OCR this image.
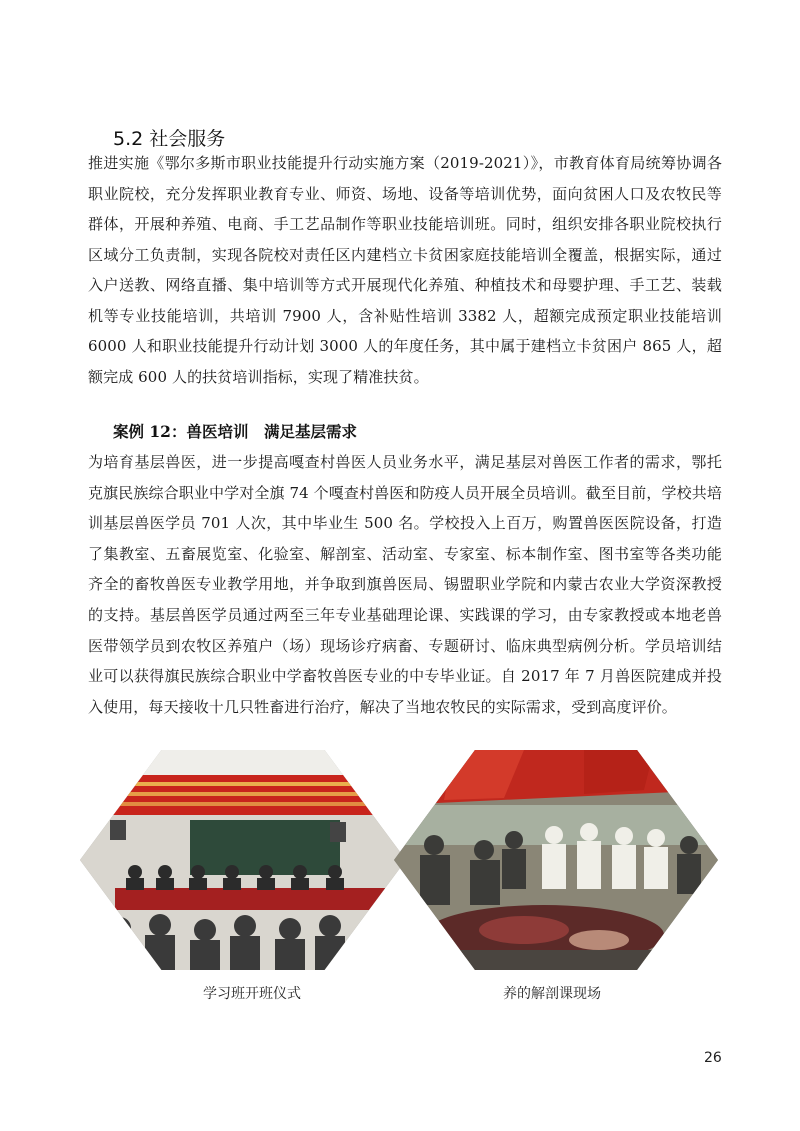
5.2 社会服务
推进实施《鄂尔多斯市职业技能提升行动实施方案（2019-2021）》，市教育体育局统筹协调各职业院校，充分发挥职业教育专业、师资、场地、设备等培训优势，面向贫困人口及农牧民等群体，开展种养殖、电商、手工艺品制作等职业技能培训班。同时，组织安排各职业院校执行区域分工负责制，实现各院校对责任区内建档立卡贫困家庭技能培训全覆盖，根据实际，通过入户送教、网络直播、集中培训等方式开展现代化养殖、种植技术和母婴护理、手工艺、装载机等专业技能培训，共培训 7900 人，含补贴性培训 3382 人，超额完成预定职业技能培训 6000 人和职业技能提升行动计划 3000 人的年度任务，其中属于建档立卡贫困户 865 人，超额完成 600 人的扶贫培训指标，实现了精准扶贫。
案例 12：兽医培训　满足基层需求
为培育基层兽医，进一步提高嘎查村兽医人员业务水平，满足基层对兽医工作者的需求，鄂托克旗民族综合职业中学对全旗 74 个嘎查村兽医和防疫人员开展全员培训。截至目前，学校共培训基层兽医学员 701 人次，其中毕业生 500 名。学校投入上百万，购置兽医医院设备，打造了集教室、五畜展览室、化验室、解剖室、活动室、专家室、标本制作室、图书室等各类功能齐全的畜牧兽医专业教学用地，并争取到旗兽医局、锡盟职业学院和内蒙古农业大学资深教授的支持。基层兽医学员通过两至三年专业基础理论课、实践课的学习，由专家教授或本地老兽医带领学员到农牧区养殖户（场）现场诊疗病畜、专题研讨、临床典型病例分析。学员培训结业可以获得旗民族综合职业中学畜牧兽医专业的中专毕业证。自 2017 年 7 月兽医院建成并投入使用，每天接收十几只牲畜进行治疗，解决了当地农牧民的实际需求，受到高度评价。
学习班开班仪式	养的解剖课现场
26
